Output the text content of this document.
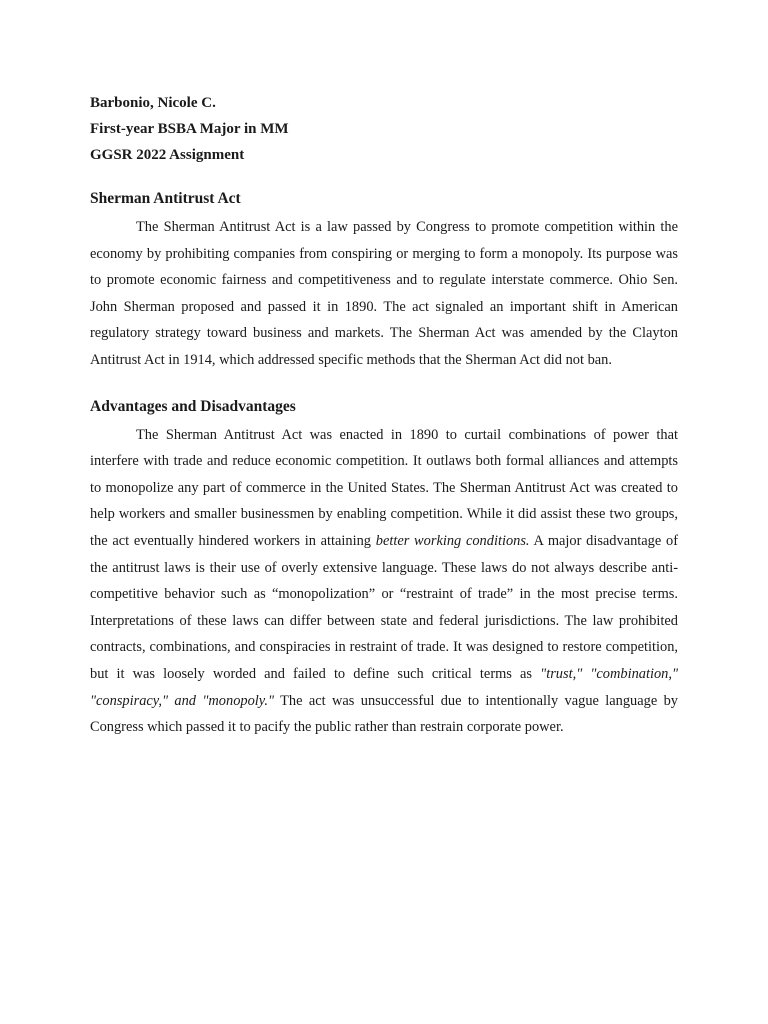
Barbonio, Nicole C.

First-year BSBA Major in MM

GGSR 2022 Assignment

Sherman Antitrust Act

The Sherman Antitrust Act is a law passed by Congress to promote competition within the economy by prohibiting companies from conspiring or merging to form a monopoly. Its purpose was to promote economic fairness and competitiveness and to regulate interstate commerce. Ohio Sen. John Sherman proposed and passed it in 1890. The act signaled an important shift in American regulatory strategy toward business and markets. The Sherman Act was amended by the Clayton Antitrust Act in 1914, which addressed specific methods that the Sherman Act did not ban.

Advantages and Disadvantages

The Sherman Antitrust Act was enacted in 1890 to curtail combinations of power that interfere with trade and reduce economic competition. It outlaws both formal alliances and attempts to monopolize any part of commerce in the United States. The Sherman Antitrust Act was created to help workers and smaller businessmen by enabling competition. While it did assist these two groups, the act eventually hindered workers in attaining better working conditions. A major disadvantage of the antitrust laws is their use of overly extensive language. These laws do not always describe anti-competitive behavior such as “monopolization” or “restraint of trade” in the most precise terms. Interpretations of these laws can differ between state and federal jurisdictions. The law prohibited contracts, combinations, and conspiracies in restraint of trade. It was designed to restore competition, but it was loosely worded and failed to define such critical terms as "trust," "combination," "conspiracy," and "monopoly." The act was unsuccessful due to intentionally vague language by Congress which passed it to pacify the public rather than restrain corporate power.
